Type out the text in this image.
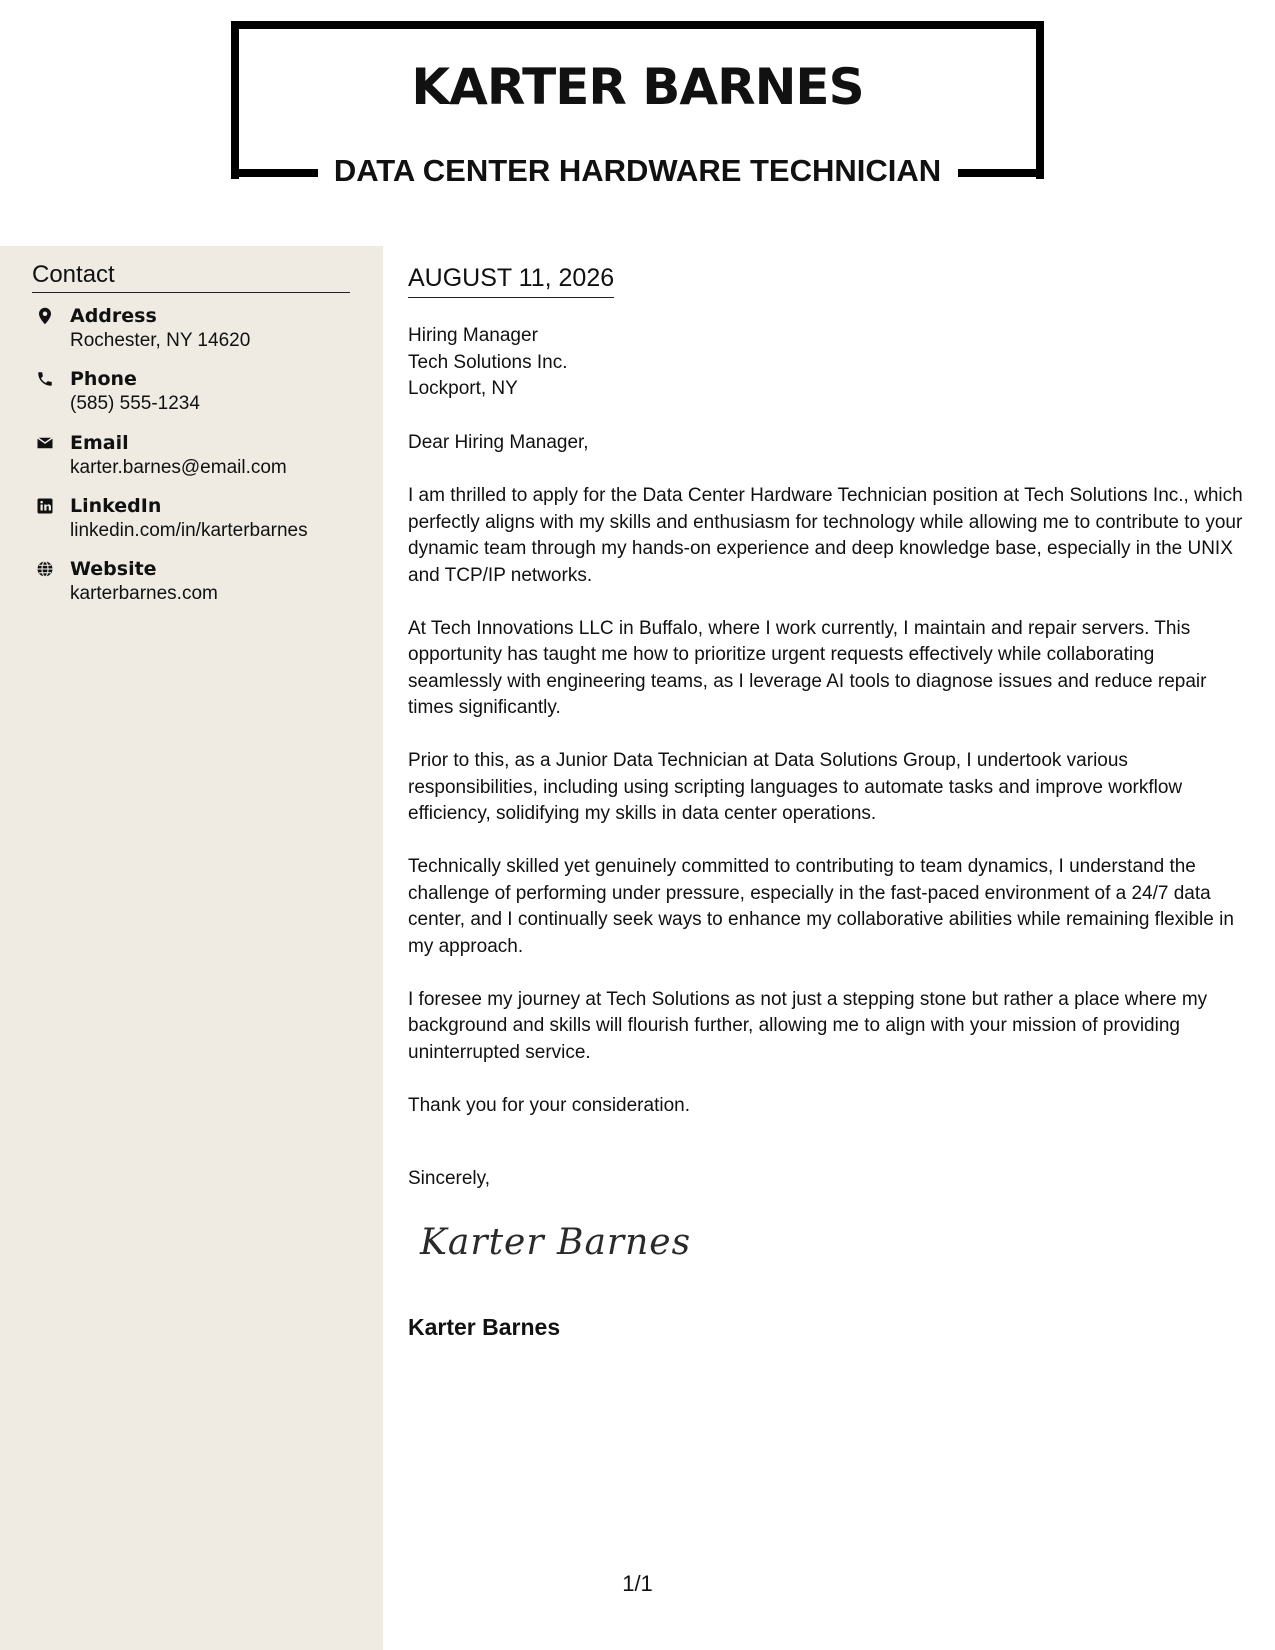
KARTER BARNES
DATA CENTER HARDWARE TECHNICIAN
Contact
Address
Rochester, NY 14620
Phone
(585) 555-1234
Email
karter.barnes@email.com
LinkedIn
linkedin.com/in/karterbarnes
Website
karterbarnes.com
AUGUST 11, 2026
Hiring Manager
Tech Solutions Inc.
Lockport, NY

Dear Hiring Manager,

I am thrilled to apply for the Data Center Hardware Technician position at Tech Solutions Inc., which perfectly aligns with my skills and enthusiasm for technology while allowing me to contribute to your dynamic team through my hands-on experience and deep knowledge base, especially in the UNIX and TCP/IP networks.

At Tech Innovations LLC in Buffalo, where I work currently, I maintain and repair servers. This opportunity has taught me how to prioritize urgent requests effectively while collaborating seamlessly with engineering teams, as I leverage AI tools to diagnose issues and reduce repair times significantly.

Prior to this, as a Junior Data Technician at Data Solutions Group, I undertook various responsibilities, including using scripting languages to automate tasks and improve workflow efficiency, solidifying my skills in data center operations.

Technically skilled yet genuinely committed to contributing to team dynamics, I understand the challenge of performing under pressure, especially in the fast-paced environment of a 24/7 data center, and I continually seek ways to enhance my collaborative abilities while remaining flexible in my approach.

I foresee my journey at Tech Solutions as not just a stepping stone but rather a place where my background and skills will flourish further, allowing me to align with your mission of providing uninterrupted service.

Thank you for your consideration.

Sincerely,
Karter Barnes
Karter Barnes
1/1
